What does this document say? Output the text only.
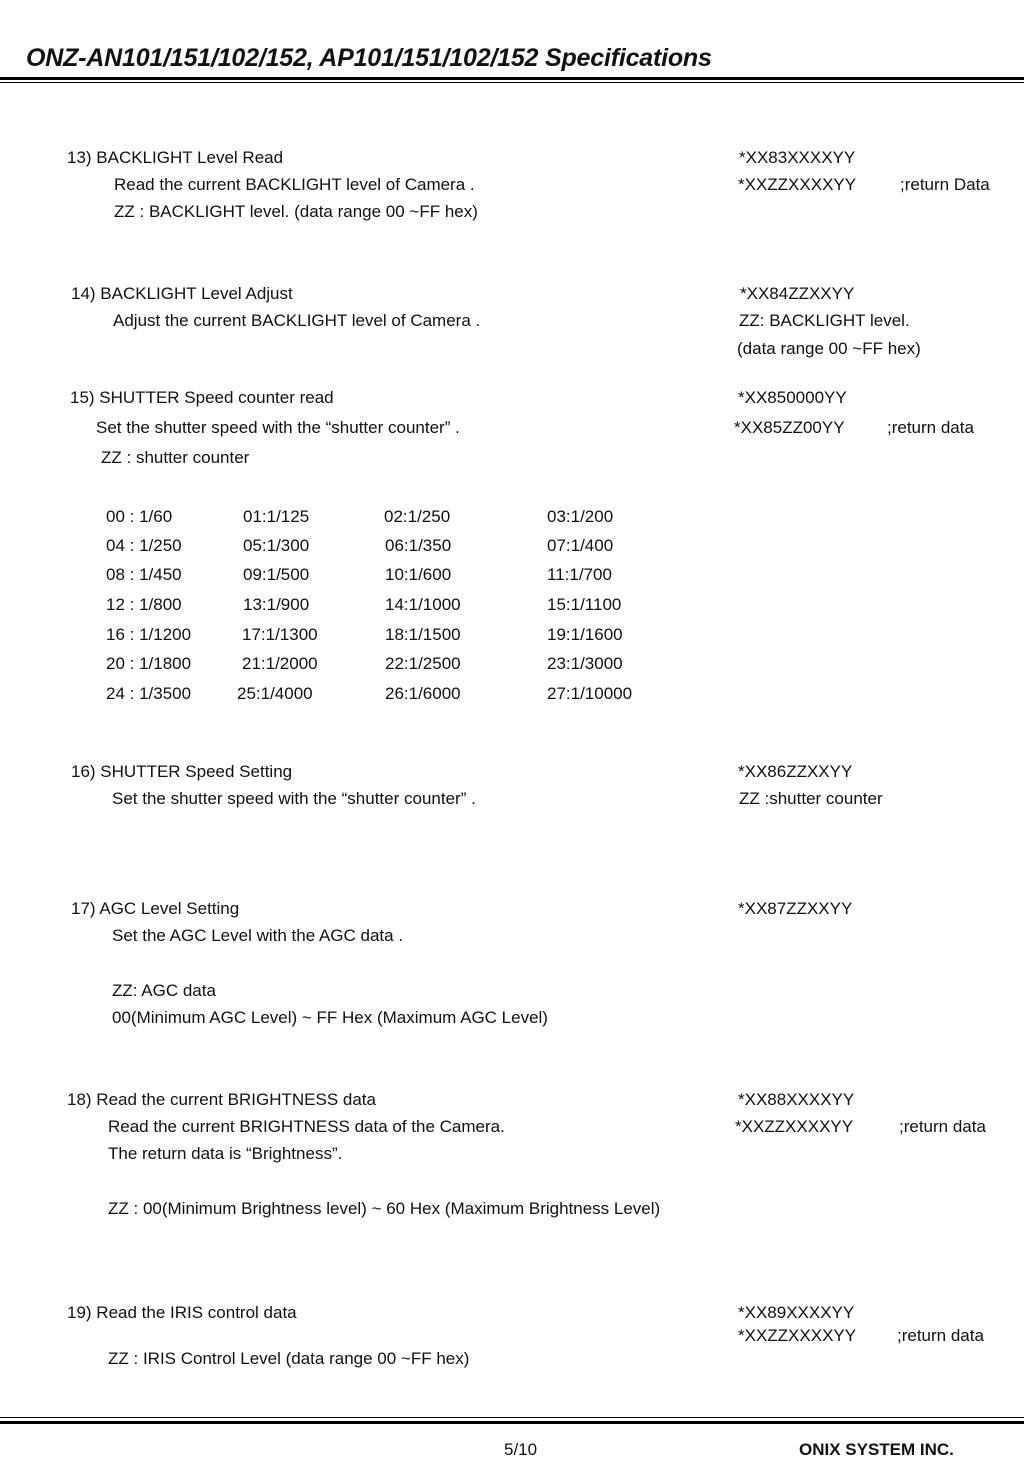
ONZ-AN101/151/102/152, AP101/151/102/152 Specifications
13) BACKLIGHT Level Read	*XX83XXXXYY
Read the current BACKLIGHT level of Camera .	*XXZZXXXXYY	;return Data
ZZ : BACKLIGHT level. (data range 00 ~FF hex)
14) BACKLIGHT Level Adjust	*XX84ZZXXYY
Adjust the current BACKLIGHT level of Camera .	ZZ: BACKLIGHT level.
(data range 00 ~FF hex)
15) SHUTTER Speed counter read	*XX850000YY
Set the shutter speed with the “shutter counter” .	*XX85ZZ00YY ;return data
ZZ : shutter counter
00 : 1/60	01:1/125	02:1/250	03:1/200
04 : 1/250	05:1/300	06:1/350	07:1/400
08 : 1/450	09:1/500	10:1/600	11:1/700
12 : 1/800	13:1/900	14:1/1000	15:1/1100
16 : 1/1200	17:1/1300	18:1/1500	19:1/1600
20 : 1/1800	21:1/2000	22:1/2500	23:1/3000
24 : 1/3500	25:1/4000	26:1/6000	27:1/10000
16) SHUTTER Speed Setting	*XX86ZZXXYY
Set the shutter speed with the “shutter counter” .	ZZ :shutter counter
17) AGC Level Setting	*XX87ZZXXYY
Set the AGC Level with the AGC data .
ZZ: AGC data
00(Minimum AGC Level) ~ FF Hex (Maximum AGC Level)
18) Read the current BRIGHTNESS data	*XX88XXXXYY
Read the current BRIGHTNESS data of the Camera.	*XXZZXXXXYY	;return data
The return data is “Brightness”.
ZZ : 00(Minimum Brightness level) ~ 60 Hex (Maximum Brightness Level)
19) Read the IRIS control data	*XX89XXXXYY
*XXZZXXXXYY ;return data
ZZ : IRIS Control Level (data range 00 ~FF hex)
5/10	ONIX SYSTEM INC.
